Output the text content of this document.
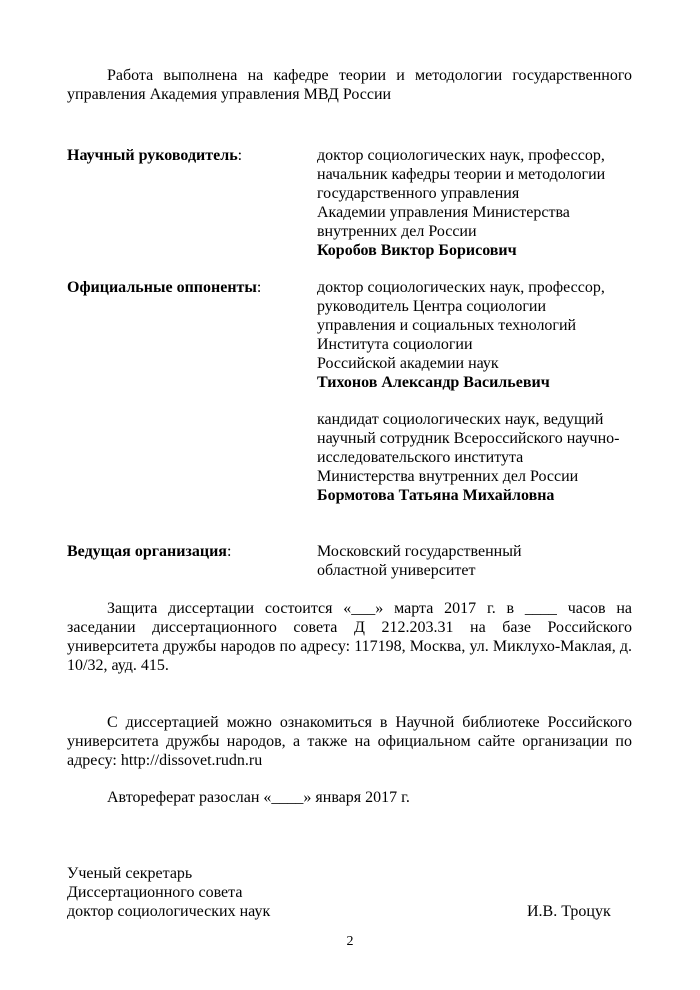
Работа выполнена на кафедре теории и методологии государственного управления Академия управления МВД России
Научный руководитель:	доктор социологических наук, профессор,
начальник кафедры теории и методологии
государственного управления
Академии управления Министерства
внутренних дел России
Коробов Виктор Борисович
Официальные оппоненты:	доктор социологических наук, профессор,
руководитель Центра социологии
управления и социальных технологий
Института социологии
Российской академии наук
Тихонов Александр Васильевич
кандидат социологических наук, ведущий
научный сотрудник Всероссийского научно-
исследовательского института
Министерства внутренних дел России
Бормотова Татьяна Михайловна
Ведущая организация:	Московский государственный
областной университет
Защита диссертации состоится «___» марта 2017 г. в ____ часов на заседании диссертационного совета Д 212.203.31 на базе Российского университета дружбы народов по адресу: 117198, Москва, ул. Миклухо-Маклая, д. 10/32, ауд. 415.
С диссертацией можно ознакомиться в Научной библиотеке Российского университета дружбы народов, а также на официальном сайте организации по адресу: http://dissovet.rudn.ru
Автореферат разослан «____» января 2017 г.
Ученый секретарь
Диссертационного совета
доктор социологических наук	И.В. Троцук
2
